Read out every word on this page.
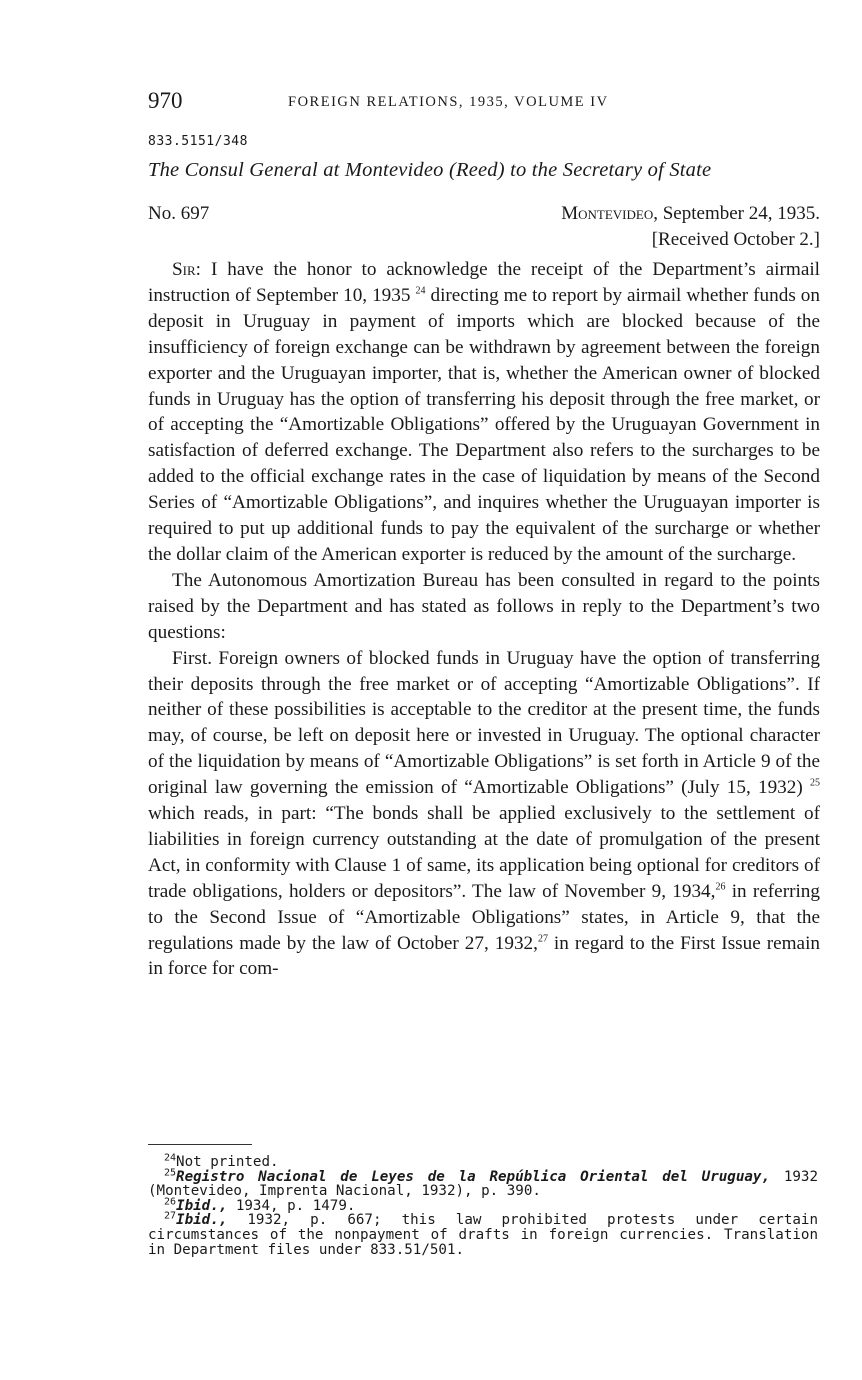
970	FOREIGN RELATIONS, 1935, VOLUME IV
833.5151/348
The Consul General at Montevideo (Reed) to the Secretary of State
No. 697	Montevideo, September 24, 1935.
[Received October 2.]

Sir: I have the honor to acknowledge the receipt of the Department’s airmail instruction of September 10, 1935 $^{24}$ directing me to report by airmail whether funds on deposit in Uruguay in payment of imports which are blocked because of the insufficiency of foreign exchange can be withdrawn by agreement between the foreign exporter and the Uruguayan importer, that is, whether the American owner of blocked funds in Uruguay has the option of transferring his deposit through the free market, or of accepting the “Amortizable Obligations” offered by the Uruguayan Government in satisfaction of deferred exchange. The Department also refers to the surcharges to be added to the official exchange rates in the case of liquidation by means of the Second Series of “Amortizable Obligations”, and inquires whether the Uruguayan importer is required to put up additional funds to pay the equivalent of the surcharge or whether the dollar claim of the American exporter is reduced by the amount of the surcharge.

The Autonomous Amortization Bureau has been consulted in regard to the points raised by the Department and has stated as follows in reply to the Department’s two questions:

First. Foreign owners of blocked funds in Uruguay have the option of transferring their deposits through the free market or of accepting “Amortizable Obligations”. If neither of these possibilities is acceptable to the creditor at the present time, the funds may, of course, be left on deposit here or invested in Uruguay. The optional character of the liquidation by means of “Amortizable Obligations” is set forth in Article 9 of the original law governing the emission of “Amortizable Obligations” (July 15, 1932) $^{25}$ which reads, in part: “The bonds shall be applied exclusively to the settlement of liabilities in foreign currency outstanding at the date of promulgation of the present Act, in conformity with Clause 1 of same, its application being optional for creditors of trade obligations, holders or depositors”. The law of November 9, 1934,26 in referring to the Second Issue of “Amortizable Obligations” states, in Article 9, that the regulations made by the law of October 27, 1932,27 in regard to the First Issue remain in force for com-

$^{24}$Not printed.
$^{25}$Registro Nacional de Leyes de la República Oriental del Uruguay, 1932 (Montevideo, Imprenta Nacional, 1932), p. 390.
$^{26}$Ibid., 1934, p. 1479.
$^{27}$Ibid., 1932, p. 667; this law prohibited protests under certain circumstances of the nonpayment of drafts in foreign currencies. Translation in Department files under 833.51/501.
